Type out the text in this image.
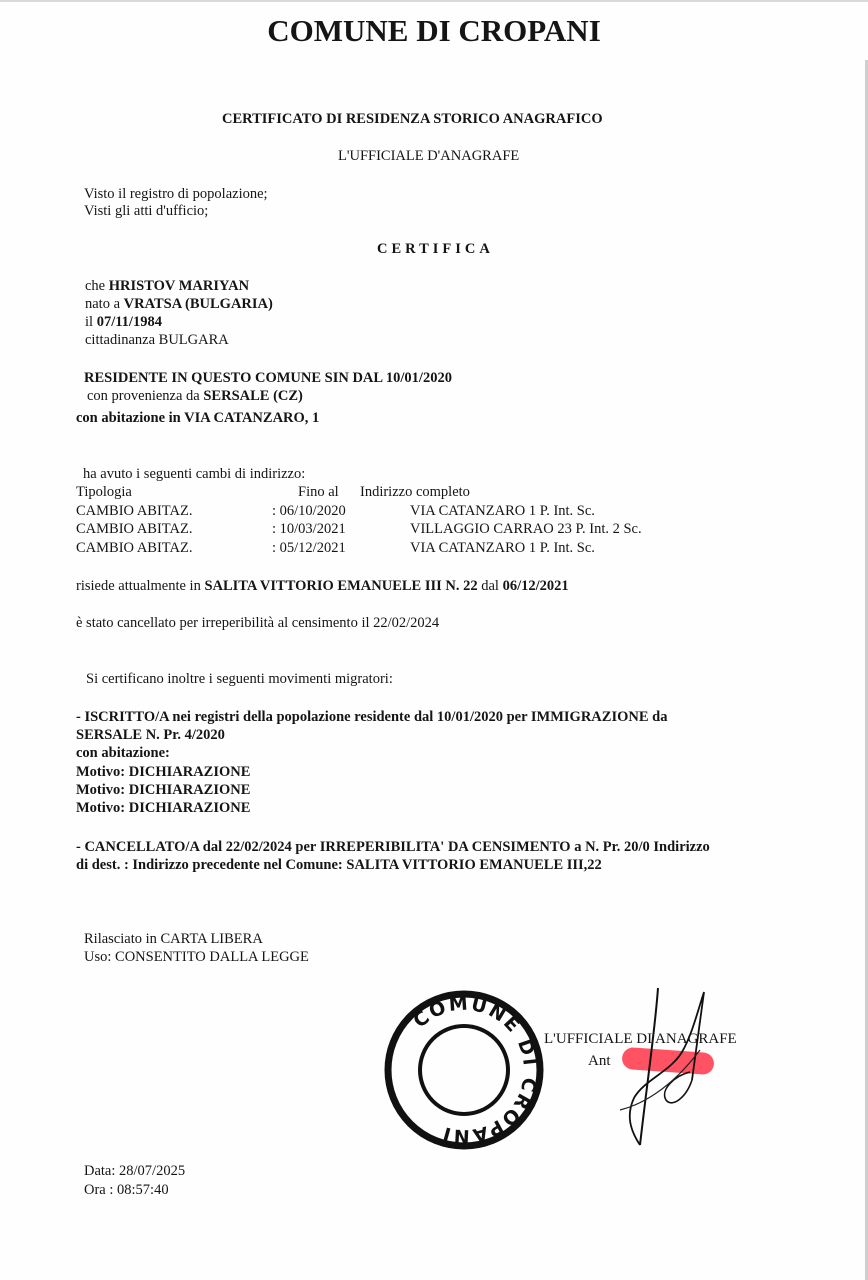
COMUNE DI CROPANI
CERTIFICATO DI RESIDENZA STORICO ANAGRAFICO
L'UFFICIALE D'ANAGRAFE
Visto il registro di popolazione;
Visti gli atti d'ufficio;
CERTIFICA
che HRISTOV MARIYAN
nato a VRATSA (BULGARIA)
il 07/11/1984
cittadinanza BULGARA
RESIDENTE IN QUESTO COMUNE SIN DAL 10/01/2020
con provenienza da SERSALE (CZ)
con abitazione in VIA CATANZARO, 1
ha avuto i seguenti cambi di indirizzo:
Tipologia	Fino al Indirizzo completo
CAMBIO ABITAZ.	: 06/10/2020	VIA CATANZARO 1 P. Int. Sc.
CAMBIO ABITAZ.	: 10/03/2021	VILLAGGIO CARRAO 23 P. Int. 2 Sc.
CAMBIO ABITAZ.	: 05/12/2021	VIA CATANZARO 1 P. Int. Sc.
risiede attualmente in SALITA VITTORIO EMANUELE III N. 22 dal 06/12/2021
è stato cancellato per irreperibilità al censimento il 22/02/2024
Si certificano inoltre i seguenti movimenti migratori:
- ISCRITTO/A nei registri della popolazione residente dal 10/01/2020 per IMMIGRAZIONE da
SERSALE N. Pr. 4/2020
con abitazione:
Motivo: DICHIARAZIONE
Motivo: DICHIARAZIONE
Motivo: DICHIARAZIONE
- CANCELLATO/A dal 22/02/2024 per IRREPERIBILITA' DA CENSIMENTO a N. Pr. 20/0 Indirizzo
di dest. : Indirizzo precedente nel Comune: SALITA VITTORIO EMANUELE III,22
Rilasciato in CARTA LIBERA
Uso: CONSENTITO DALLA LEGGE
COMUNE DI CROPANI
L'UFFICIALE DI ANAGRAFE
Ant
Data: 28/07/2025
Ora : 08:57:40
